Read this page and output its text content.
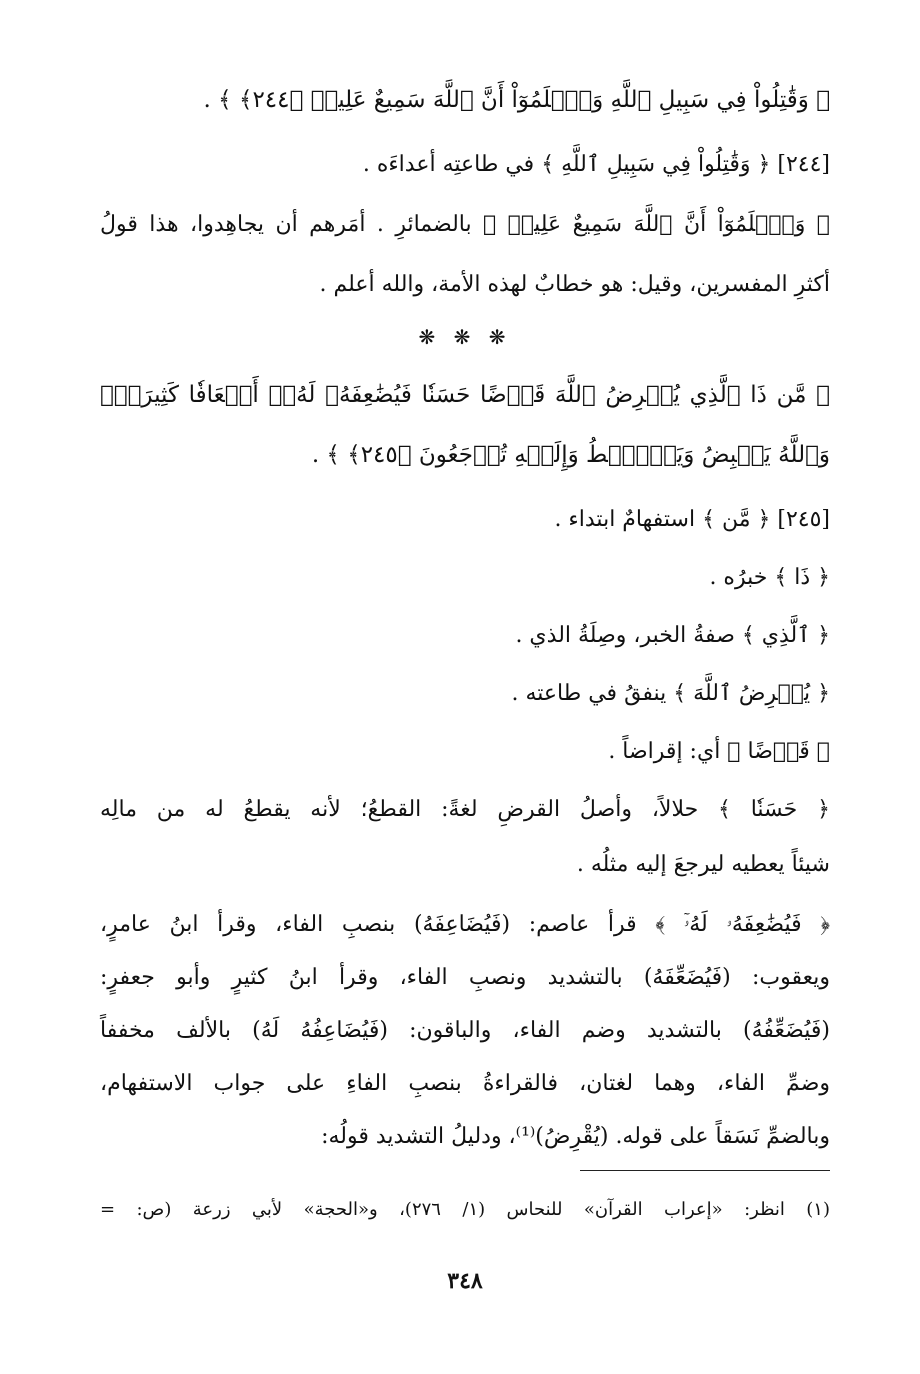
﴿ وَقَٰتِلُواْ فِي سَبِيلِ ٱللَّهِ وَٱعۡلَمُوٓاْ أَنَّ ٱللَّهَ سَمِيعٌ عَلِيمٞ ﴿٢٤٤﴾ ﴾ .
[٢٤٤] ﴿ وَقَٰتِلُواْ فِي سَبِيلِ ٱللَّهِ ﴾ في طاعتِه أعداءَه .
﴿ وَٱعۡلَمُوٓاْ أَنَّ ٱللَّهَ سَمِيعٌ عَلِيمٞ ﴾ بالضمائرِ . أمَرهم أن يجاهِدوا، هذا قولُ
أكثرِ المفسرين، وقيل: هو خطابٌ لهذه الأمة، والله أعلم .
❋ ❋ ❋
﴿ مَّن ذَا ٱلَّذِي يُقۡرِضُ ٱللَّهَ قَرۡضًا حَسَنٗا فَيُضَٰعِفَهُۥ لَهُۥٓ أَضۡعَافٗا كَثِيرَةٗۚ
وَٱللَّهُ يَقۡبِضُ وَيَبۡصُۜطُ وَإِلَيۡهِ تُرۡجَعُونَ ﴿٢٤٥﴾ ﴾ .
[٢٤٥] ﴿ مَّن ﴾ استفهامٌ ابتداء .
﴿ ذَا ﴾ خبرُه .
﴿ ٱلَّذِي ﴾ صفةُ الخبر، وصِلَةُ الذي .
﴿ يُقۡرِضُ ٱللَّهَ ﴾ ينفقُ في طاعته .
﴿ قَرۡضًا ﴾ أي: إقراضاً .
﴿ حَسَنٗا ﴾ حلالاً، وأصلُ القرضِ لغةً: القطعُ؛ لأنه يقطعُ له من مالِه
شيئاً يعطيه ليرجعَ إليه مثلُه .
﴿ فَيُضَٰعِفَهُۥ لَهُۥٓ ﴾ قرأ عاصم: (فَيُضَاعِفَهُ) بنصبِ الفاء، وقرأ ابنُ عامرٍ،
ويعقوب: (فَيُضَعِّفَهُ) بالتشديد ونصبِ الفاء، وقرأ ابنُ كثيرٍ وأبو جعفرٍ:
(فَيُضَعِّفُهُ) بالتشديد وضم الفاء، والباقون: (فَيُضَاعِفُهُ لَهُ) بالألف مخففاً
وضمِّ الفاء، وهما لغتان، فالقراءةُ بنصبِ الفاءِ على جواب الاستفهام،
وبالضمِّ نَسَقاً على قوله. (يُقْرِضُ)⁽¹⁾، ودليلُ التشديد قولُه:
(١) انظر: «إعراب القرآن» للنحاس (١/ ٢٧٦)، و«الحجة» لأبي زرعة (ص: =
٣٤٨
